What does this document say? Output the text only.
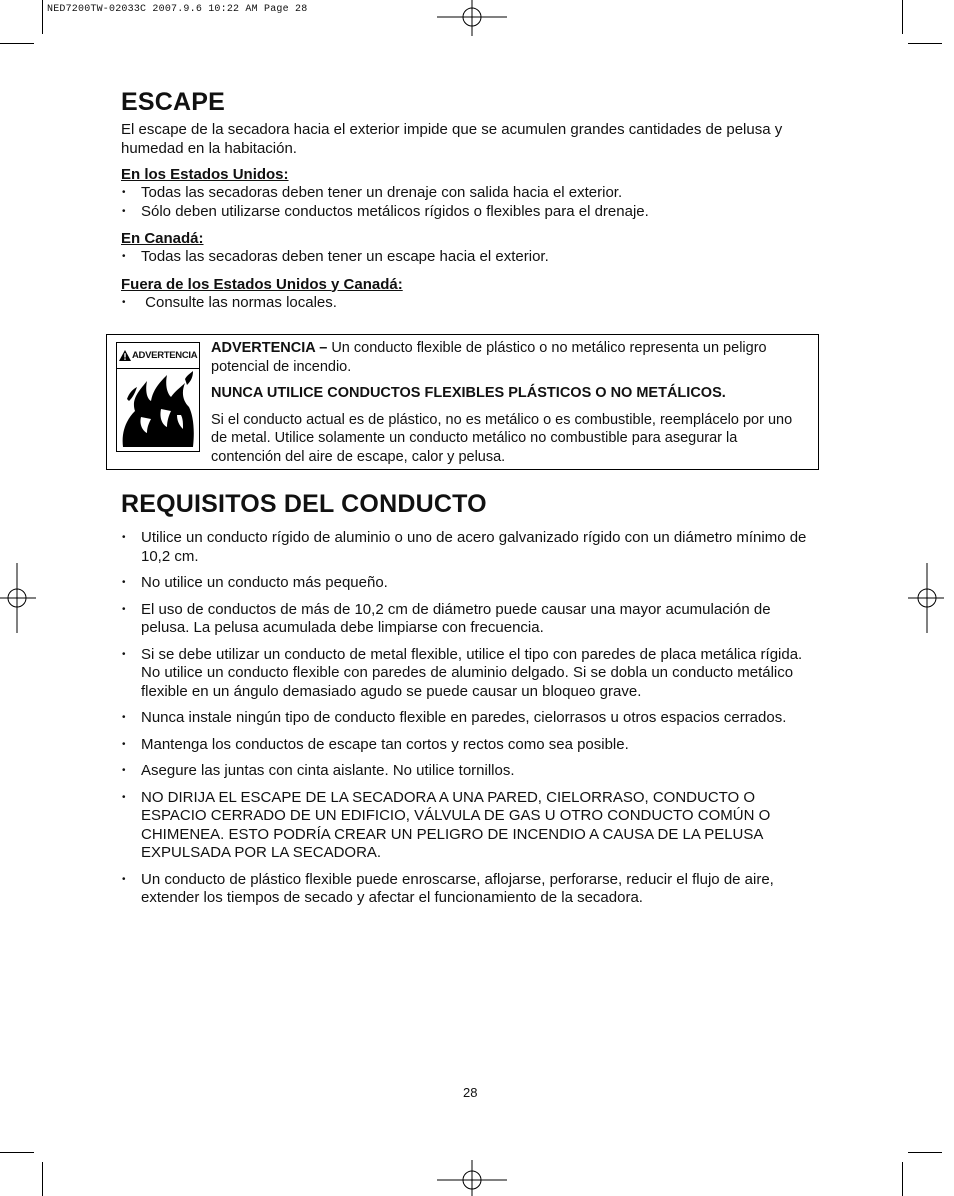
NED7200TW-02033C 2007.9.6 10:22 AM Page 28
ESCAPE

El escape de la secadora hacia el exterior impide que se acumulen grandes cantidades de pelusa y humedad en la habitación.

En los Estados Unidos:
• Todas las secadoras deben tener un drenaje con salida hacia el exterior.
• Sólo deben utilizarse conductos metálicos rígidos o flexibles para el drenaje.
En Canadá:
• Todas las secadoras deben tener un escape hacia el exterior.
Fuera de los Estados Unidos y Canadá:
• Consulte las normas locales.
ADVERTENCIA ADVERTENCIA – Un conducto flexible de plástico o no metálico representa un peligro potencial de incendio.

NUNCA UTILICE CONDUCTOS FLEXIBLES PLÁSTICOS O NO METÁLICOS.

Si el conducto actual es de plástico, no es metálico o es combustible, reemplácelo por uno de metal. Utilice solamente un conducto metálico no combustible para asegurar la contención del aire de escape, calor y pelusa.

REQUISITOS DEL CONDUCTO
• Utilice un conducto rígido de aluminio o uno de acero galvanizado rígido con un diámetro mínimo de 10,2 cm.
• No utilice un conducto más pequeño.
• El uso de conductos de más de 10,2 cm de diámetro puede causar una mayor acumulación de pelusa. La pelusa acumulada debe limpiarse con frecuencia.
• Si se debe utilizar un conducto de metal flexible, utilice el tipo con paredes de placa metálica rígida. No utilice un conducto flexible con paredes de aluminio delgado. Si se dobla un conducto metálico flexible en un ángulo demasiado agudo se puede causar un bloqueo grave.
• Nunca instale ningún tipo de conducto flexible en paredes, cielorrasos u otros espacios cerrados.
• Mantenga los conductos de escape tan cortos y rectos como sea posible.
• Asegure las juntas con cinta aislante. No utilice tornillos.
• NO DIRIJA EL ESCAPE DE LA SECADORA A UNA PARED, CIELORRASO, CONDUCTO O ESPACIO CERRADO DE UN EDIFICIO, VÁLVULA DE GAS U OTRO CONDUCTO COMÚN O CHIMENEA. ESTO PODRÍA CREAR UN PELIGRO DE INCENDIO A CAUSA DE LA PELUSA EXPULSADA POR LA SECADORA.
• Un conducto de plástico flexible puede enroscarse, aflojarse, perforarse, reducir el flujo de aire, extender los tiempos de secado y afectar el funcionamiento de la secadora.
28
